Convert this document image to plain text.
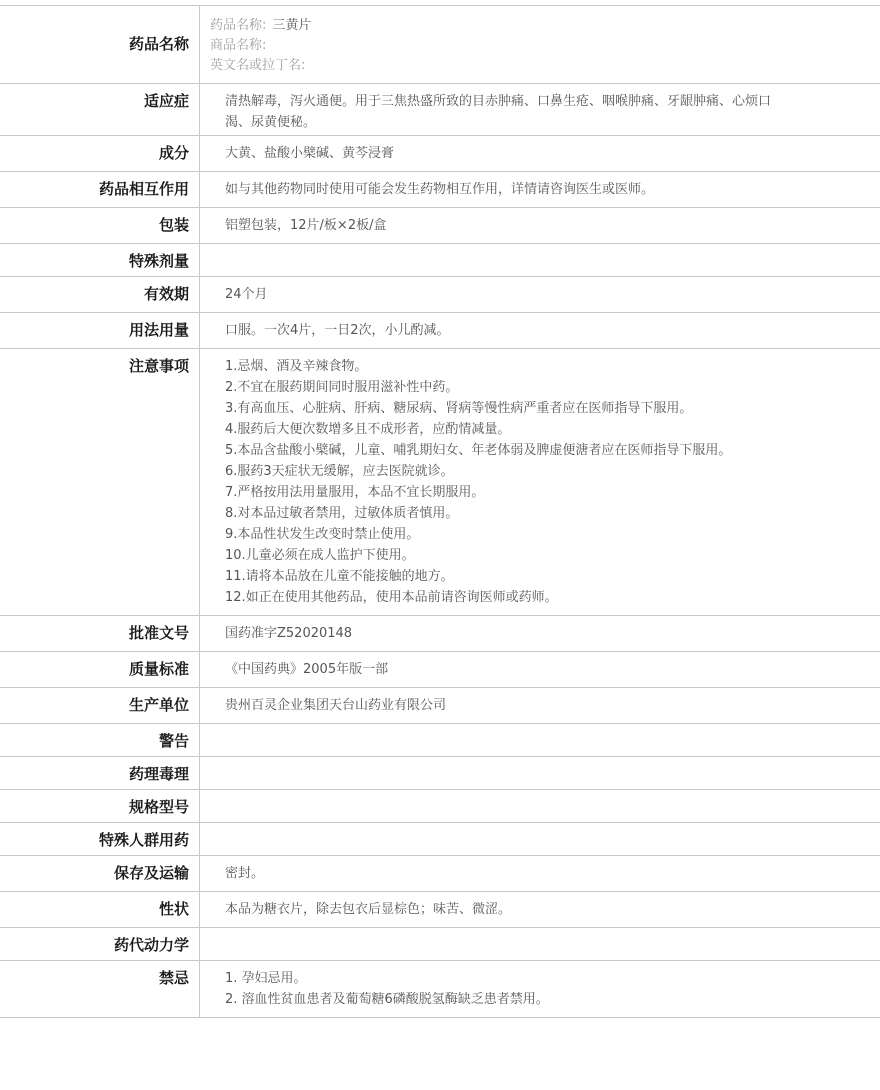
药品名称
药品名称: 三黄片
商品名称:
英文名或拉丁名:
适应症	清热解毒，泻火通便。用于三焦热盛所致的目赤肿痛、口鼻生疮、咽喉肿痛、牙龈肿痛、心烦口渴、尿黄便秘。
成分	大黄、盐酸小檗碱、黄芩浸膏
药品相互作用	如与其他药物同时使用可能会发生药物相互作用，详情请咨询医生或医师。
包装	铝塑包装，12片/板×2板/盒
特殊剂量
有效期	24个月
用法用量	口服。一次4片，一日2次，小儿酌减。
注意事项	1.忌烟、酒及辛辣食物。
2.不宜在服药期间同时服用滋补性中药。
3.有高血压、心脏病、肝病、糖尿病、肾病等慢性病严重者应在医师指导下服用。
4.服药后大便次数增多且不成形者，应酌情减量。
5.本品含盐酸小檗碱，儿童、哺乳期妇女、年老体弱及脾虚便溏者应在医师指导下服用。
6.服药3天症状无缓解，应去医院就诊。
7.严格按用法用量服用，本品不宜长期服用。
8.对本品过敏者禁用，过敏体质者慎用。
9.本品性状发生改变时禁止使用。
10.儿童必须在成人监护下使用。
11.请将本品放在儿童不能接触的地方。
12.如正在使用其他药品，使用本品前请咨询医师或药师。
批准文号	国药准字Z52020148
质量标准	《中国药典》2005年版一部
生产单位	贵州百灵企业集团天台山药业有限公司
警告
药理毒理
规格型号
特殊人群用药
保存及运输	密封。
性状	本品为糖衣片，除去包衣后显棕色；味苦、微涩。
药代动力学
禁忌	1. 孕妇忌用。
2. 溶血性贫血患者及葡萄糖6磷酸脱氢酶缺乏患者禁用。
